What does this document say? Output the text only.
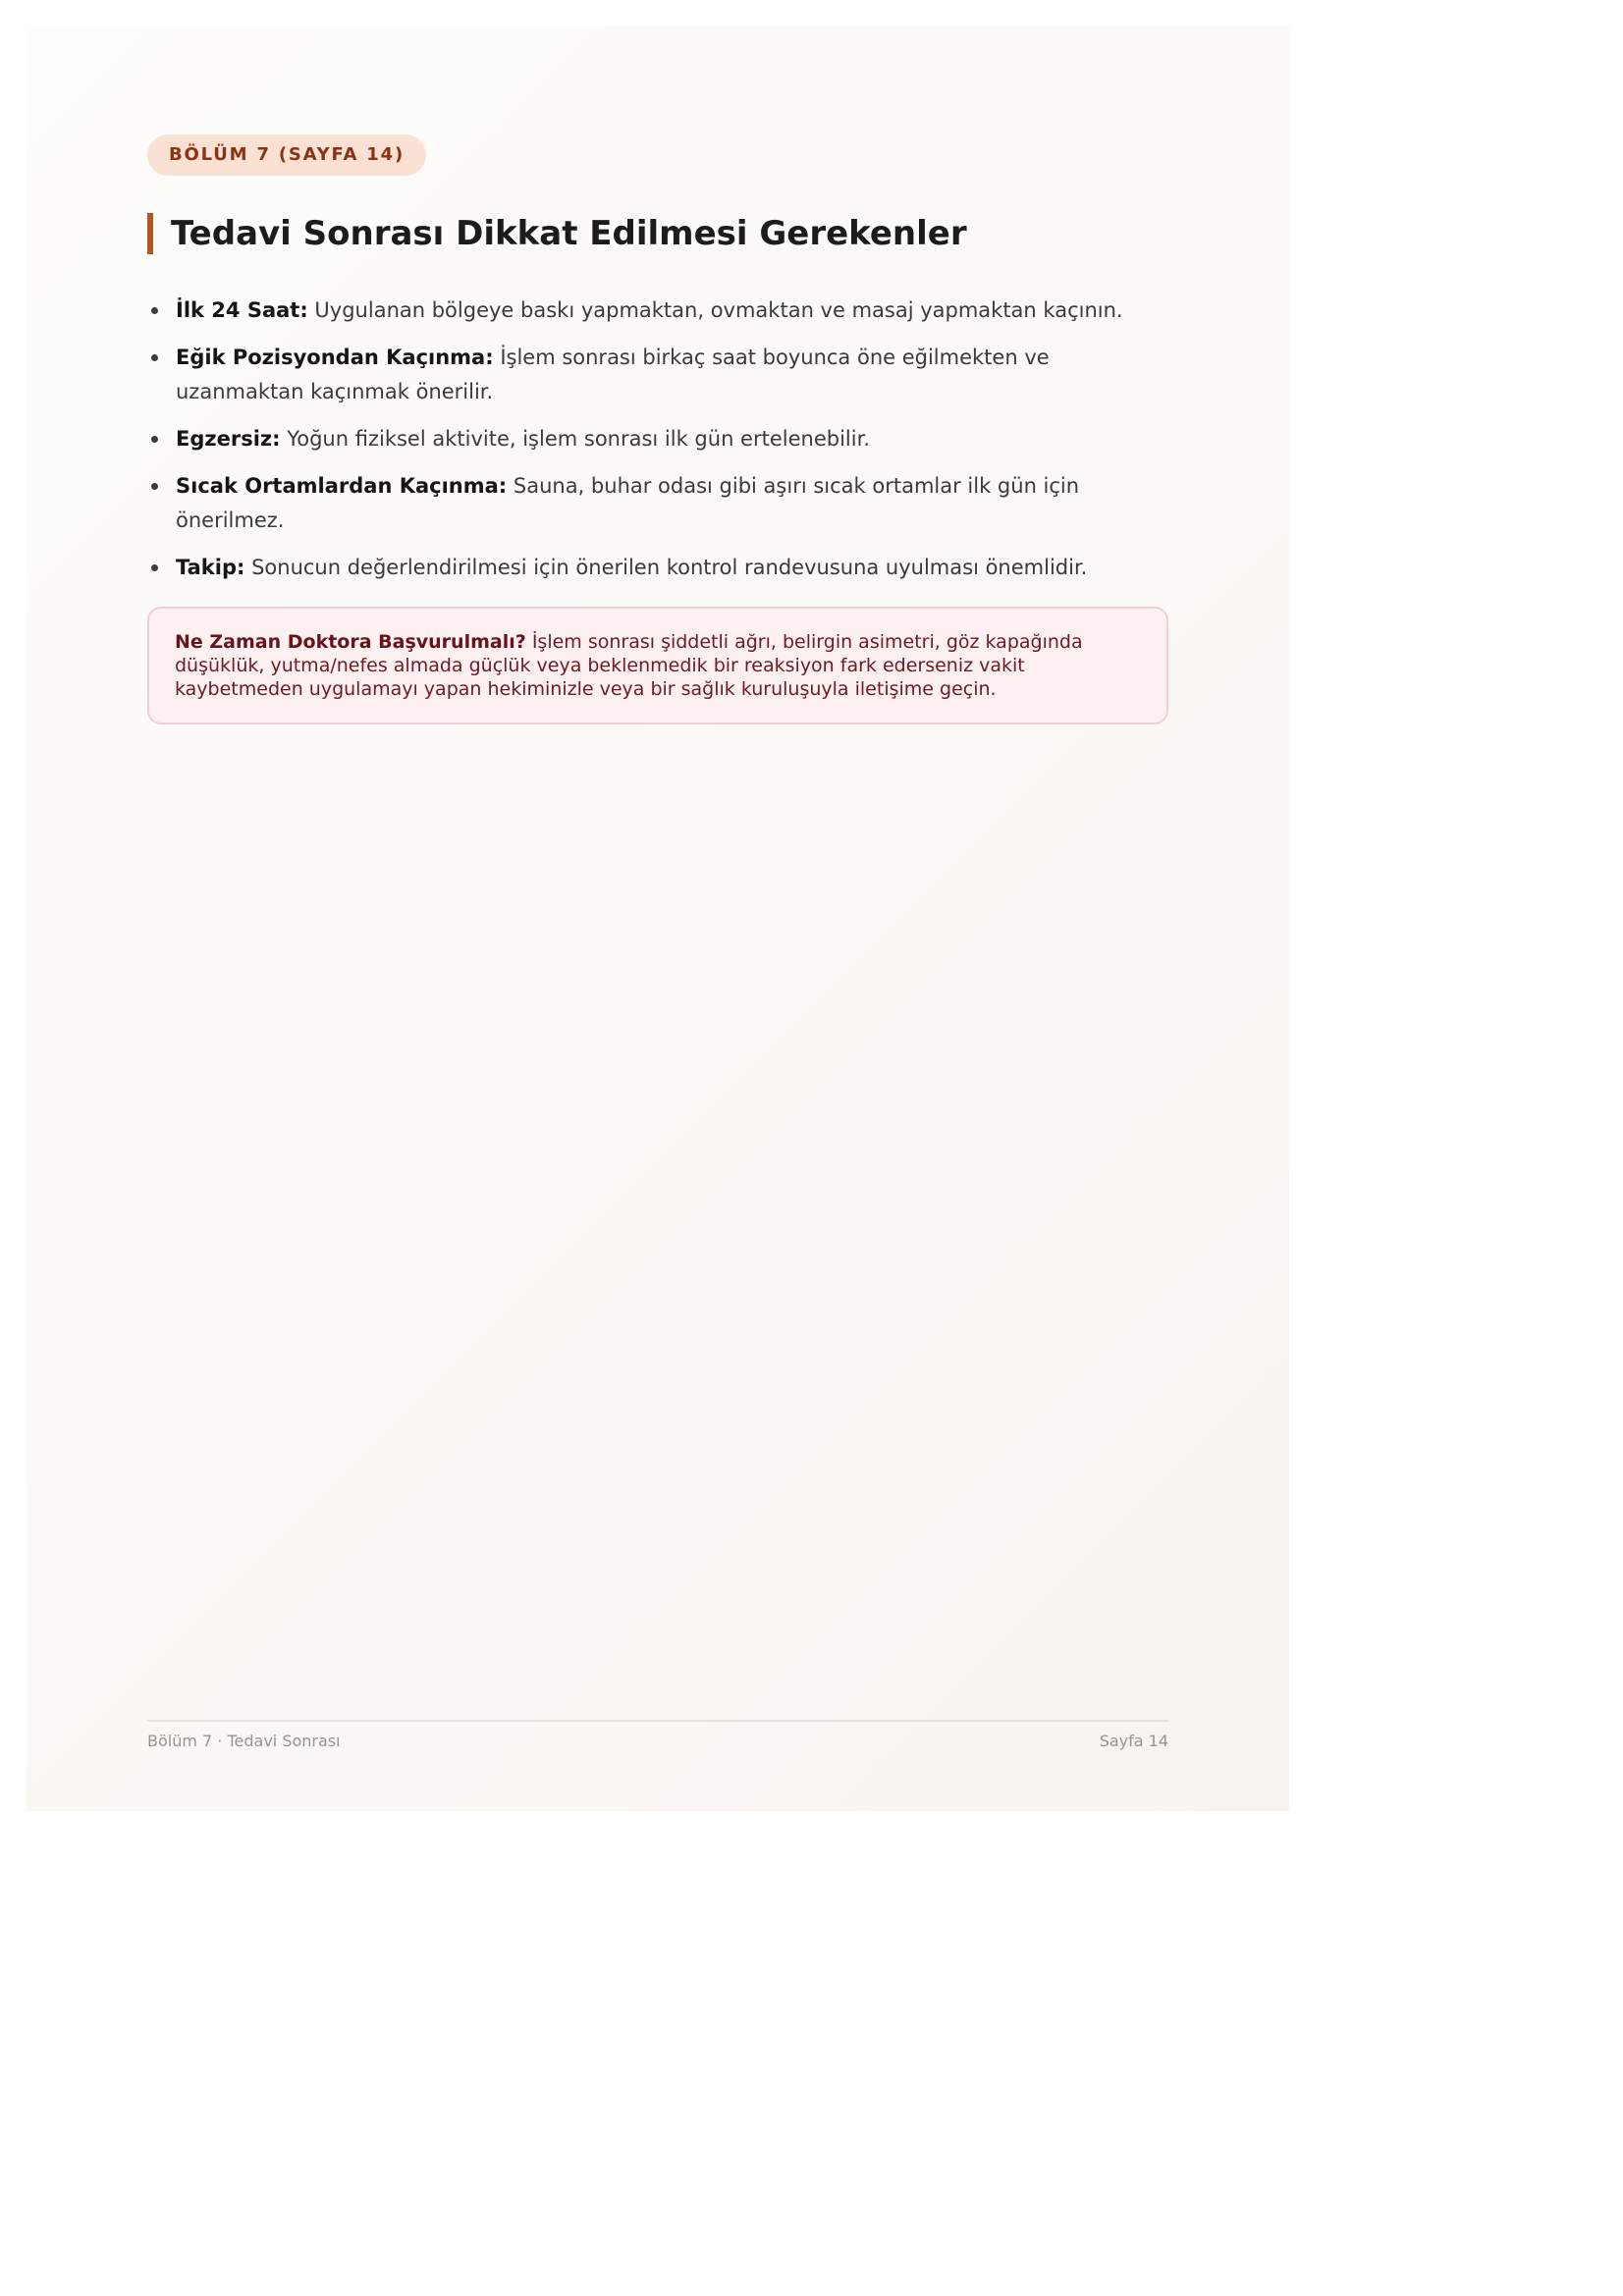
BÖLÜM 7 (SAYFA 14)
Tedavi Sonrası Dikkat Edilmesi Gerekenler
İlk 24 Saat: Uygulanan bölgeye baskı yapmaktan, ovmaktan ve masaj yapmaktan kaçının.
Eğik Pozisyondan Kaçınma: İşlem sonrası birkaç saat boyunca öne eğilmekten ve uzanmaktan kaçınmak önerilir.
Egzersiz: Yoğun fiziksel aktivite, işlem sonrası ilk gün ertelenebilir.
Sıcak Ortamlardan Kaçınma: Sauna, buhar odası gibi aşırı sıcak ortamlar ilk gün için önerilmez.
Takip: Sonucun değerlendirilmesi için önerilen kontrol randevusuna uyulması önemlidir.
Ne Zaman Doktora Başvurulmalı? İşlem sonrası şiddetli ağrı, belirgin asimetri, göz kapağında düşüklük, yutma/nefes almada güçlük veya beklenmedik bir reaksiyon fark ederseniz vakit kaybetmeden uygulamayı yapan hekiminizle veya bir sağlık kuruluşuyla iletişime geçin.
Bölüm 7 · Tedavi Sonrası	Sayfa 14
